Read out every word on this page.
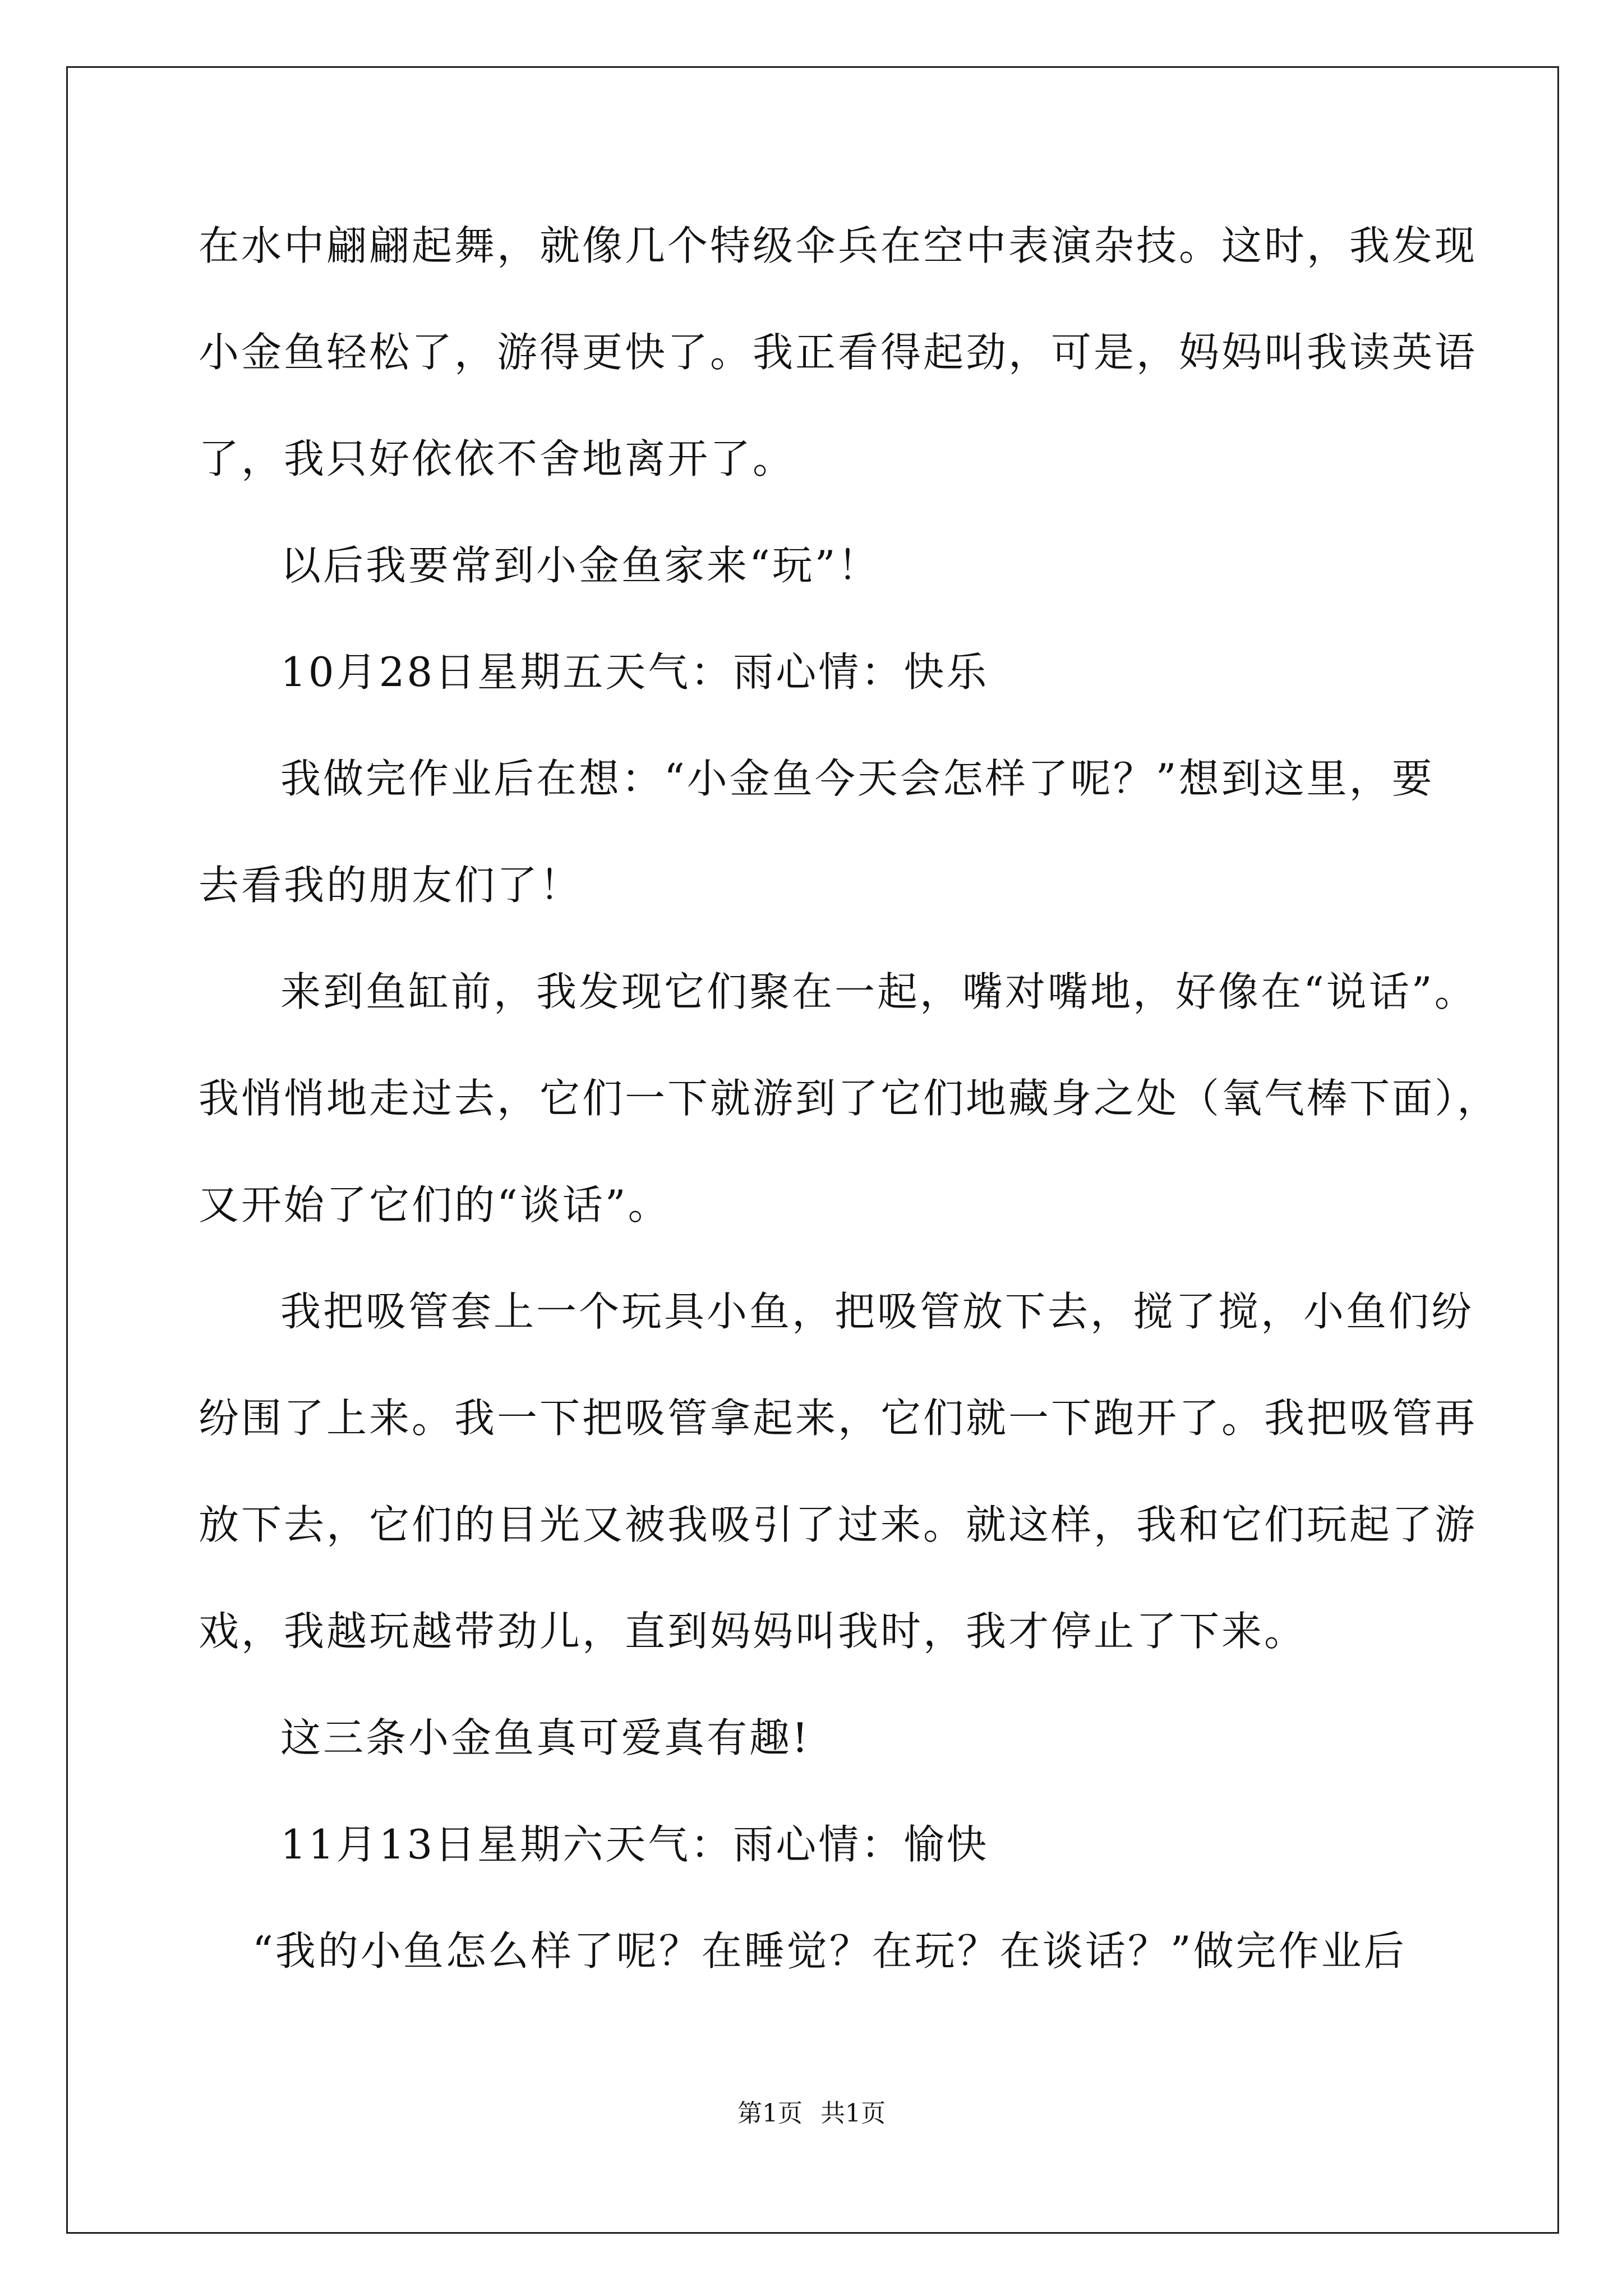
在水中翩翩起舞，就像几个特级伞兵在空中表演杂技。这时，我发现
小金鱼轻松了，游得更快了。我正看得起劲，可是，妈妈叫我读英语
了，我只好依依不舍地离开了。
以后我要常到小金鱼家来“玩”！
10月28日星期五天气：雨心情：快乐
我做完作业后在想：“小金鱼今天会怎样了呢？”想到这里，要
去看我的朋友们了！
来到鱼缸前，我发现它们聚在一起，嘴对嘴地，好像在“说话”。
我悄悄地走过去，它们一下就游到了它们地藏身之处（氧气棒下面），
又开始了它们的“谈话”。
我把吸管套上一个玩具小鱼，把吸管放下去，搅了搅，小鱼们纷
纷围了上来。我一下把吸管拿起来，它们就一下跑开了。我把吸管再
放下去，它们的目光又被我吸引了过来。就这样，我和它们玩起了游
戏，我越玩越带劲儿，直到妈妈叫我时，我才停止了下来。
这三条小金鱼真可爱真有趣!
11月13日星期六天气：雨心情：愉快
“我的小鱼怎么样了呢？在睡觉？在玩？在谈话？”做完作业后
第1页 共1页
